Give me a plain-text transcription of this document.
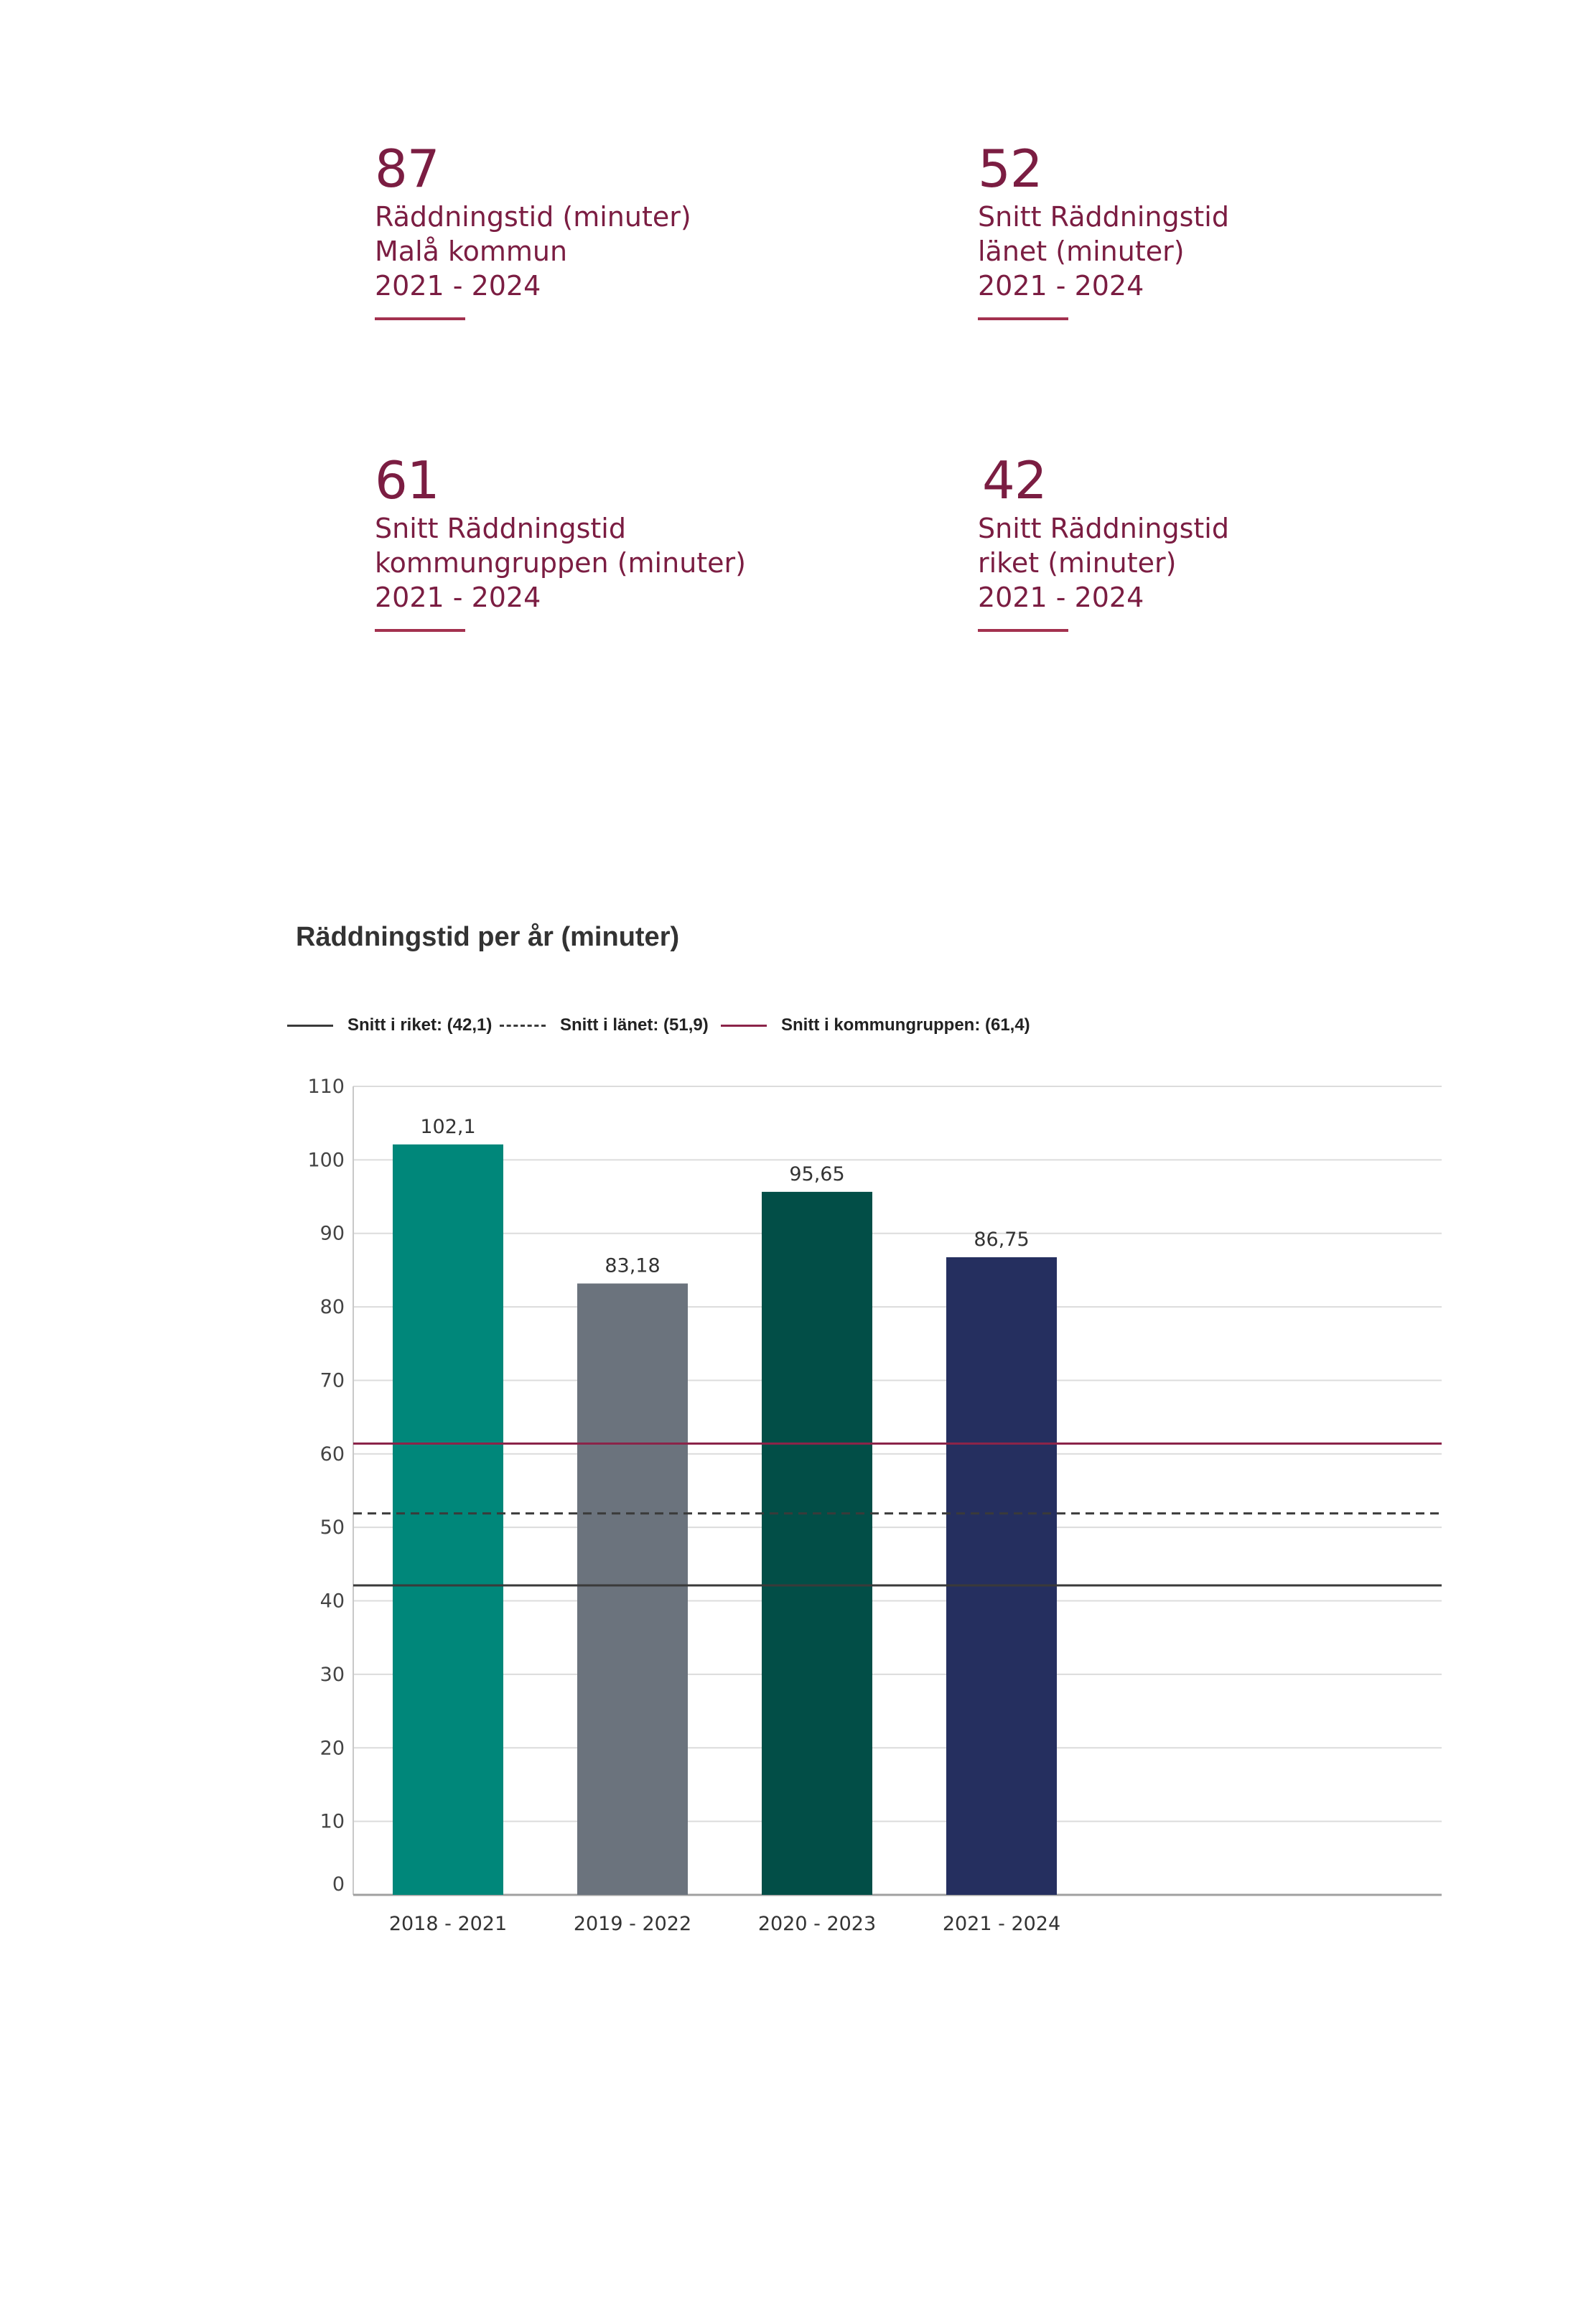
87
Räddningstid (minuter)
Malå kommun
2021 - 2024
52
Snitt Räddningstid
länet (minuter)
2021 - 2024
61
Snitt Räddningstid
kommungruppen (minuter)
2021 - 2024
42
Snitt Räddningstid
riket (minuter)
2021 - 2024
Räddningstid per år (minuter)
Snitt i riket: (42,1)	Snitt i länet: (51,9)	Snitt i kommungruppen: (61,4)
0
10
20
30
40
50
60
70
80
90
100
110
102,1
2018 - 2021
83,18
2019 - 2022
95,65
2020 - 2023
86,75
2021 - 2024
